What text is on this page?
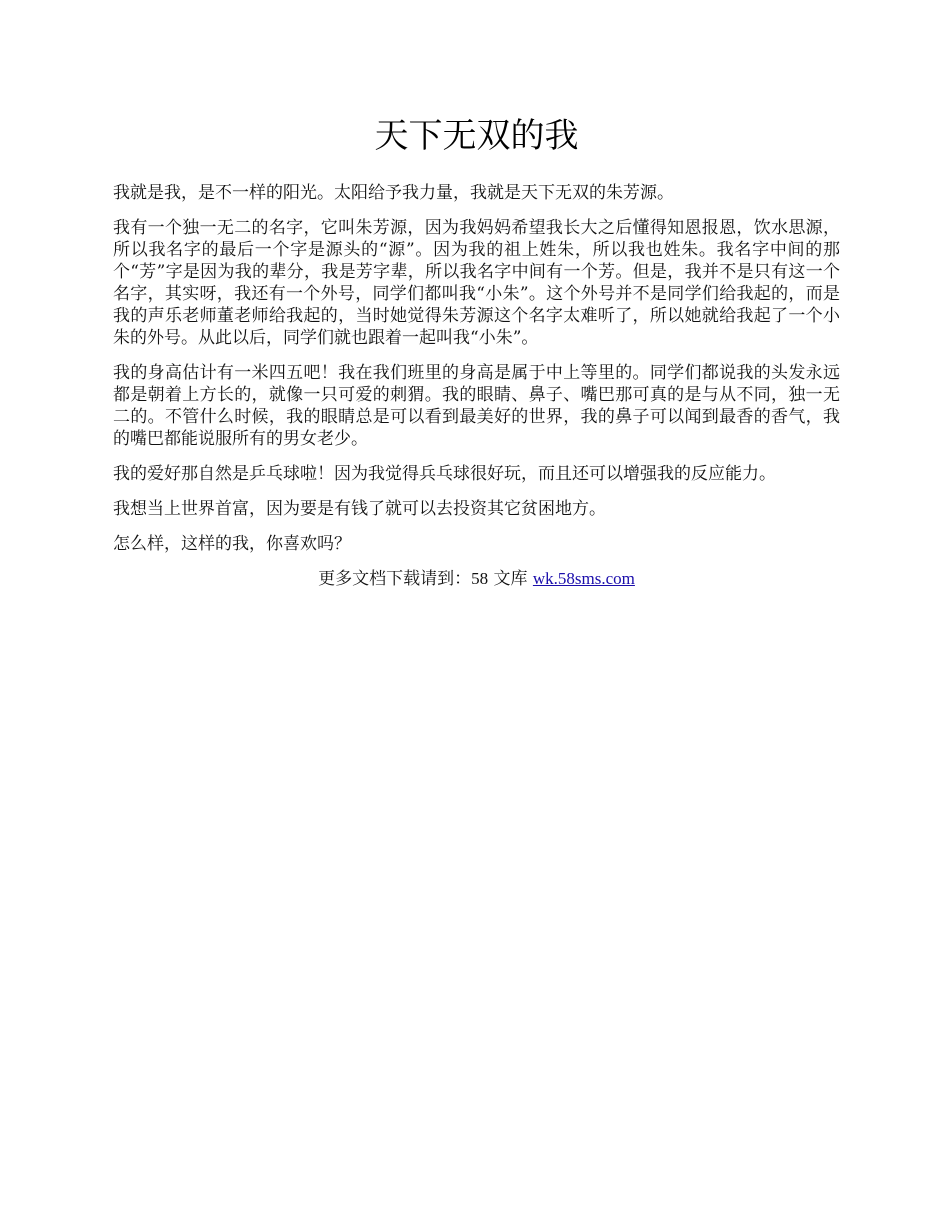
天下无双的我

我就是我，是不一样的阳光。太阳给予我力量，我就是天下无双的朱芳源。

我有一个独一无二的名字，它叫朱芳源，因为我妈妈希望我长大之后懂得知恩报恩，饮水思源，所以我名字的最后一个字是源头的“源”。因为我的祖上姓朱，所以我也姓朱。我名字中间的那个“芳”字是因为我的辈分，我是芳字辈，所以我名字中间有一个芳。但是，我并不是只有这一个名字，其实呀，我还有一个外号，同学们都叫我“小朱”。这个外号并不是同学们给我起的，而是我的声乐老师董老师给我起的，当时她觉得朱芳源这个名字太难听了，所以她就给我起了一个小朱的外号。从此以后，同学们就也跟着一起叫我“小朱”。

我的身高估计有一米四五吧！我在我们班里的身高是属于中上等里的。同学们都说我的头发永远都是朝着上方长的，就像一只可爱的刺猬。我的眼睛、鼻子、嘴巴那可真的是与从不同，独一无二的。不管什么时候，我的眼睛总是可以看到最美好的世界，我的鼻子可以闻到最香的香气，我的嘴巴都能说服所有的男女老少。

我的爱好那自然是乒乓球啦！因为我觉得兵乓球很好玩，而且还可以增强我的反应能力。

我想当上世界首富，因为要是有钱了就可以去投资其它贫困地方。

怎么样，这样的我，你喜欢吗？

更多文档下载请到：58 文库 wk.58sms.com
